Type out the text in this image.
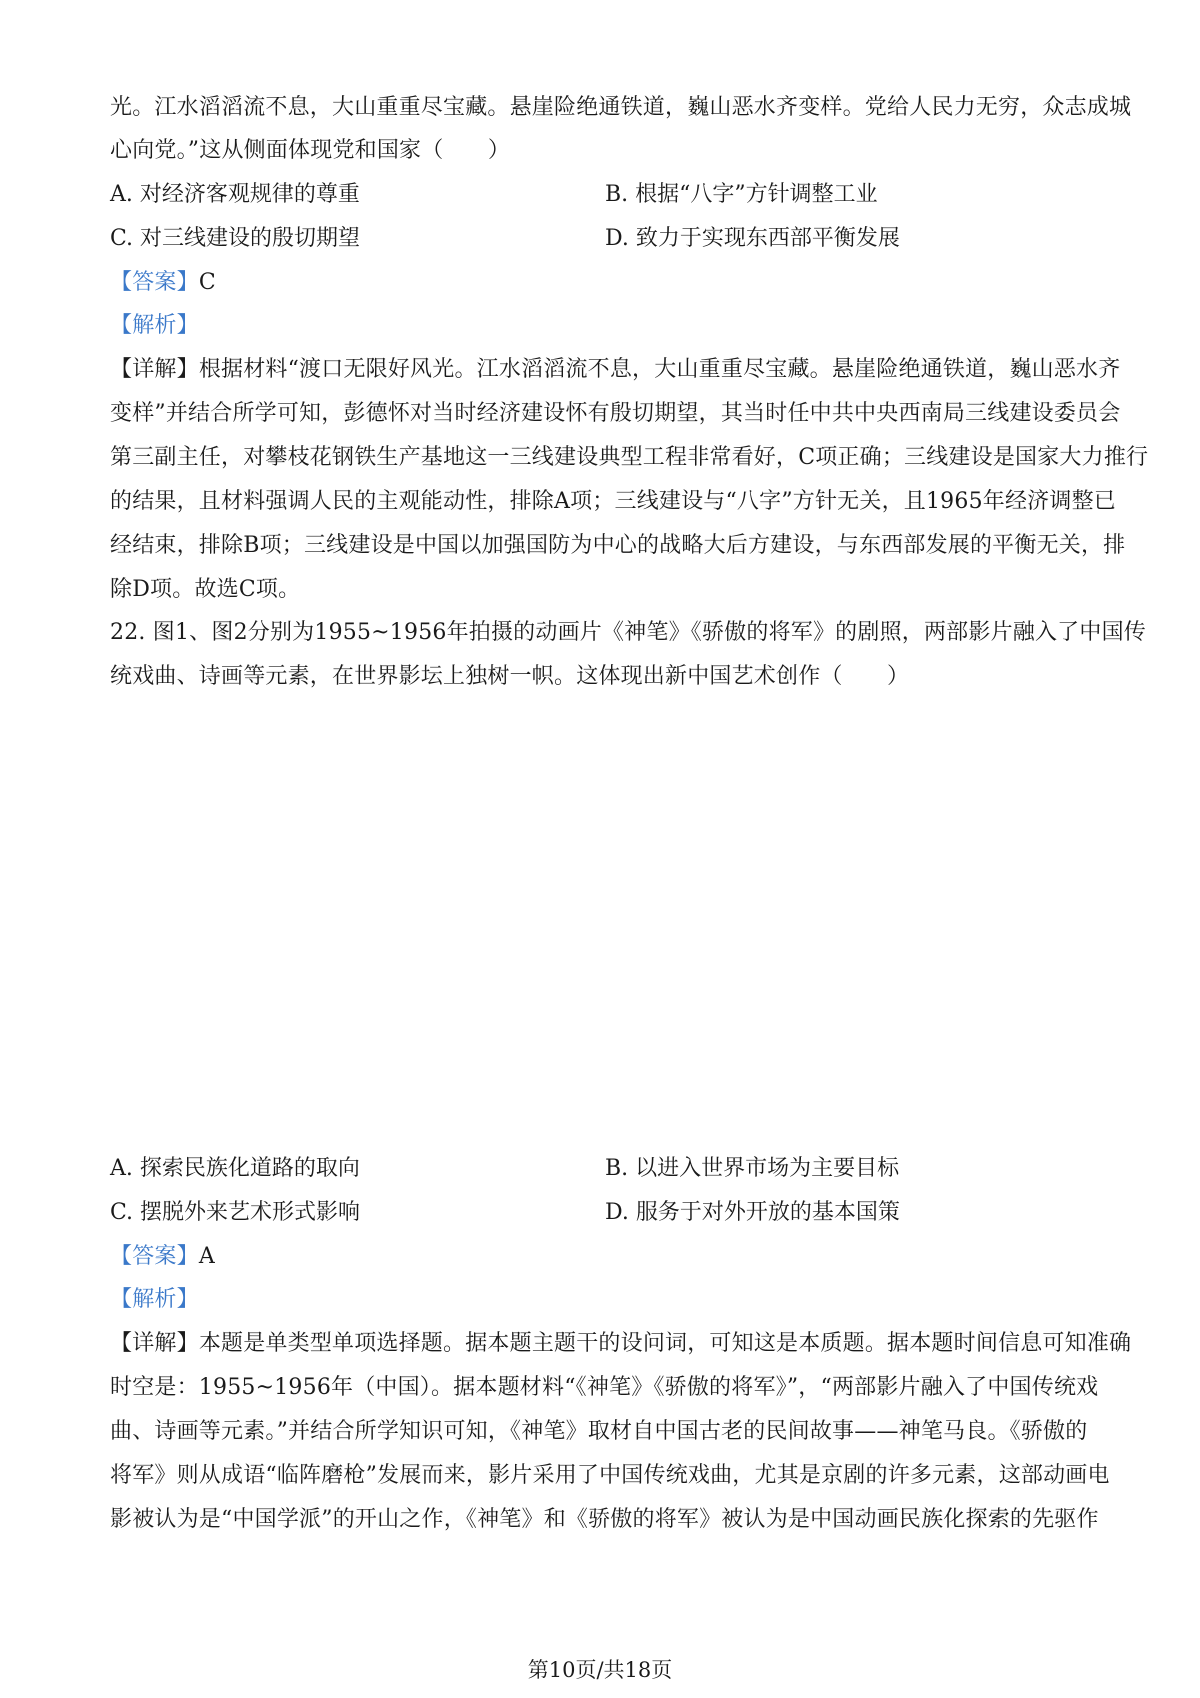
光。江水滔滔流不息，大山重重尽宝藏。悬崖险绝通铁道，巍山恶水齐变样。党给人民力无穷，众志成城
心向党。”这从侧面体现党和国家（　　）
A. 对经济客观规律的尊重	B. 根据“八字”方针调整工业
C. 对三线建设的殷切期望	D. 致力于实现东西部平衡发展
【答案】C
【解析】
【详解】根据材料“渡口无限好风光。江水滔滔流不息，大山重重尽宝藏。悬崖险绝通铁道，巍山恶水齐
变样”并结合所学可知，彭德怀对当时经济建设怀有殷切期望，其当时任中共中央西南局三线建设委员会
第三副主任，对攀枝花钢铁生产基地这一三线建设典型工程非常看好，C项正确；三线建设是国家大力推行
的结果，且材料强调人民的主观能动性，排除A项；三线建设与“八字”方针无关，且1965年经济调整已
经结束，排除B项；三线建设是中国以加强国防为中心的战略大后方建设，与东西部发展的平衡无关，排
除D项。故选C项。
22. 图1、图2分别为1955~1956年拍摄的动画片《神笔》《骄傲的将军》的剧照，两部影片融入了中国传
统戏曲、诗画等元素，在世界影坛上独树一帜。这体现出新中国艺术创作（　　）
A. 探索民族化道路的取向	B. 以进入世界市场为主要目标
C. 摆脱外来艺术形式影响	D. 服务于对外开放的基本国策
【答案】A
【解析】
【详解】本题是单类型单项选择题。据本题主题干的设问词，可知这是本质题。据本题时间信息可知准确
时空是：1955~1956年（中国）。据本题材料“《神笔》《骄傲的将军》”，“两部影片融入了中国传统戏
曲、诗画等元素。”并结合所学知识可知，《神笔》取材自中国古老的民间故事——神笔马良。《骄傲的
将军》则从成语“临阵磨枪”发展而来，影片采用了中国传统戏曲，尤其是京剧的许多元素，这部动画电
影被认为是“中国学派”的开山之作，《神笔》和《骄傲的将军》被认为是中国动画民族化探索的先驱作
第10页/共18页
